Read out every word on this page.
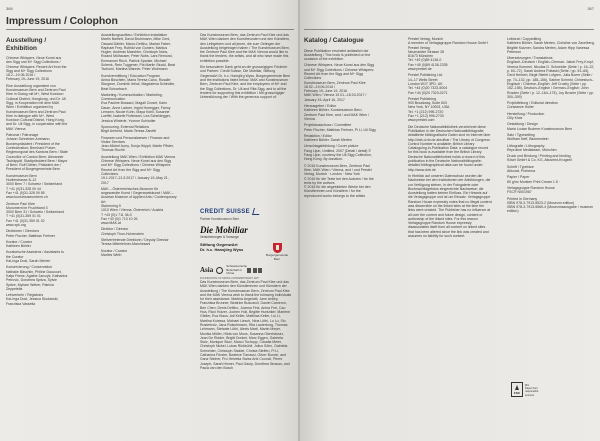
366
Impressum / Colophon
Ausstellung /
Exhibition

Chinese Whispers. Neue Kunst aus den Sigg und M+ Sigg Collections / Chinese Whispers: Recent Art from the Sigg and M+ Sigg Collections
18.2.–19.06.2016 /
February 19–June 19, 2016

Eine Ausstellung organisiert von Kunstmuseum Bern und Zentrum Paul Klee in Dialog mit M+, West Kowloon Cultural District, Hongkong, und Dr. Uli Sigg, in Kooperation mit dem MAK Wien / Exhibition organized by Kunstmuseum Bern and Zentrum Paul Klee in dialogue with M+, West Kowloon Cultural District, Hong Kong, and Dr. Uli Sigg, in cooperation with the MAK Vienna

Patronat / Patronage
Johann Schneider-Ammann, Bundespräsident / President of the Confederation; Bernhard Pulver, Regierungsrat des Kantons Bern / State Councillor of Canton Bern; Alexander Tschäppät, Stadtpräsident Bern / Mayor of Bern; Rolf Dähler, Präsident der / President of Burgergemeinde Bern

Kunstmuseum Bern
Hodlerstrasse 8–12
3000 Bern 7 / Schweiz / Switzerland
T +41 (0)31-328 09 44
Fax +41 (0)31-328 09 55
www.kunstmuseumbern.ch

Zentrum Paul Klee
Monument im Fruchtland 3
3000 Bern 31 / Schweiz / Switzerland
T +41 (0)31-359 01 01
Fax +41 (0)31-359 01 02
www.zpk.org

Direktoren / Directors
Peter Fischer, Matthias Frehner

Kurator / Curator
Kathleen Bühler

Kuratorische Assistenz / Assistants to the Curator
Kai-Inga Dost, Sarah Merten

Konservierung / Conservation
Nathalie Bäschlin, Philine Daucourt, Katja Friese, Agathe Jarczyk, Katharina Petrovic, Dorothea Spitza, Sylvie Spitze, Myriam Weber, Patricia Zeppetella

Leihverkehr / Registrars
Kai-Inga Dost, Jessica Skolowski, Franziska Vassella

Ausstellungsaufbau / Exhibition installation
Martin Bartlett, David Bruhlmann, Mike Cent, Oswald Dähler, Marco Delfino, Marian Faber, Raphael Frey, Ruthild von Gunten, Markus Hugler, Andreas Maechler, Christoph Nobs, Roland Mülhauser, Peter Nobs, Lars Remund, Emmanuel Rüch, Patrick Spanke, Michael Schenk, Reto Tuggener, Pia Martin Stucki, Beat Tschumi, Martina Wanner, Peter Wobmann

Kunstvermittlung / Education Program
Anina Büschlen, Maria Teresa Cano, Rosalie Sturgeon, Dominik Imhof, Magdalena Schindler, Beat Schuebach

Marketing / Kommunikation / Marketing, Communication
Eva Pauline Bossard, Magali Croset, Karin Daum, Anne Ladner, Ingrid Honegger, Fanny Lemann, Nicole Kuhn, Maya Kohli, Susanne Loeffel, Isabelle Rottmann, Lea Scheidegger, Jessica Winterle, Yvonne Schindler

Sponsoring, External Relations
Birgit Amherd, Marie-Teresa Zanetti

Finanzen und Personalwesen / Finance and Visitor Services
Jean-Michel Aurry, Sonja Hüppli, Martin Pfister, Thomas Ruchti

Ausstellung MAK Wien / Exhibition MAK Vienna
Chinese Whispers. Neue Kunst aus den Sigg und M+ Sigg Collections / Chinese Whispers: Recent Art from the Sigg and M+ Sigg Collections
19.1.2017–21.5.2017 / January 19–May 21, 2017

MAK – Österreichisches Museum für angewandte Kunst / Gegenwartskunst / MAK – Austrian Museum of Applied Arts / Contemporary Art
Stubenring 5
1010 Wien / Vienna, Österreich / Austria
T +43 (0)1 711 36-0
Fax +43 (0)1 713 10 26
www.MAK.at

Direktor / Director
Christoph Thun-Hohenstein

Stellvertretende Direktorin / Deputy Director
Teresa Mitterlehner-Marchesani

Kurator / Curator
Marlies Wirth

Das Kunstmuseum Bern, das Zentrum Paul Klee und das MAK Wien danken den Kunstfreunden und den Künstlern, den Leihgebern und all jenen, die zum Gelingen der Ausstellung beigetragen haben / The Kunstmuseum Bern, the Zentrum Paul Klee and the MAK Vienna would like to thank the lenders, the artists, and all who have made this exhibition possible.

Ein besonderer Dank geht an die grosszügigen Förderer und Partner: Credit Suisse, Die Mobiliar, Stiftung GegenwArt Dr. h.c. Hansjörg Wyss, Burgergemeinde Bern and the institutions listed below. MAK and Kunstmuseum Bern, Zentrum Paul Klee, and the employees of M+ and the Sigg Collections, Dr. Uli and Rita Sigg, and to all the lenders for supporting this exhibition / Mit grosszügiger Unterstützung der / With the generous support of:

CREDIT SUISSE
Partner Kunstmuseum Bern
Die Mobiliar
Versicherungen & Vorsorge
Stiftung GegenwArt
Dr. h.c. Hansjörg Wyss
Burgergemeinde
Bern
Asia
Schweizerische Botschaft in China
FOUNDATION OF SWISS CONTEMPORARY ART

Das Kunstmuseum Bern, das Zentrum Paul Klee und das MAK Wien danken den Künstlerinnen und Künstlern der Ausstellung / The Kunstmuseum Bern, Zentrum Paul Klee and the MAK Vienna wish to thank the following individuals for their assistance: Martina Angelotti, Jane Ardley, Franziska Brunner, Beatrice Buscaroli, Daniel Cameron, Ben Chen, Denis Delfino, Joanna Fink, Anina Frei, Cao Hoa, Ricci Holzer, Jochen Holl, Brigitte Huntziker, Marlene Gfeller, Eva Klaus, Adi Keller, Matthias Keller, Liu Li, Martina Kulessa, Michael Liesch, Nina Lüthi, Lu Lu, Siu Rusterholz, Jana Rutschmann, Rita Lauterburg, Thomas Lehmann, Stefanie Lüthi, Alexis Marti, Martin Meyer, Monika Möller, Hilda von Moos, Susanna Oberhäuser, Jean De Ridder, Brigitt Donkel, Marc Eggen, Gabriela Stolz, Monique Stulz, Marco Tschopp, Claudia Meier, Christoph Nickel, Lukas Rüdisühli, Julius Söhn, Gabriela Schneider, Christoph Stalder, Christa Steffen, Pi Li, Catharina Förster, Beatrice Tomassi, Oliver Bonvin, and Ganz Steiner, Pro Helvetia Swiss Arts Council, Pierre Joseph, Sarah Hinner, Paul Gauty, Dorothea Strauss, and Paula van den Bosch

367
Katalog / Catalogue

Diese Publikation erscheint anlässlich der Ausstellung / This book is published on the occasion of the exhibition

Chinese Whispers. Neue Kunst aus den Sigg und M+ Sigg Collections / Chinese Whispers: Recent Art from the Sigg and M+ Sigg Collections
Kunstmuseum Bern, Zentrum Paul Klee
18.02.–19.06.2016 /
February 19–June 19, 2016
MAK Wien / Vienna 19.01.–16.04.2017 /
January 19–April 16, 2017

Herausgeber / Editor
Kathleen Bühler, Kunstmuseum Bern, Zentrum Paul Klee, and / und MAK Wien / Vienna

Projektausschuss / Committee
Peter Fischer, Matthias Frehner, Pi Li, Uli Sigg

Redaktion / Editor
Kathleen Bühler, Sarah Merten

Umschlagabbildung / Cover picture
Fang Lijun, Untitled, 2007 (Detail / detail) © Fang Lijun, courtesy the Uli Sigg Collection, Hong Kong. By donation.

© 2016 Kunstmuseum Bern, Zentrum Paul Klee, MAK Wien / Vienna, and / und Prestel Verlag, Munich · London · New York
© 2016 für die Texte bei den Autoren / for the texts by the authors
© 2016 für die abgebildeten Werke bei den Künstlerinnen und Künstlern / for the reproduced works belongs to the artists

Prestel Verlag, Munich
A member of Verlagsgruppe Random House GmbH
Prestel Verlag
Neumarkter Strasse 28
81673 München
Tel. +49 (0)89 4136-0
Fax +49 (0)89 4136-2335
www.prestel.de

Prestel Publishing Ltd.
14–17 Wells Street
London W1T 3PD, UK
Tel. +44 (0)20 7323-5004
Fax +44 (0)20 7323-0271

Prestel Publishing
900 Broadway, Suite 603
New York, NY 10003, USA
Tel. +1 (212) 995-2720
Fax +1 (212) 995-2733
www.prestel.com

Die Deutsche Nationalbibliothek verzeichnet diese Publikation in der Deutschen Nationalbibliografie; detaillierte bibliografische Daten sind im Internet über http://dnb.d-nb.de abrufbar / The Library of Congress Control Number is available; British Library Cataloguing-in-Publication Data: a catalogue record for this book is available from the British Library. Deutsche Nationalbibliothek holds a record of this publication in the Deutsche Nationalbibliografie; detailed bibliographical data can be found under: http://www.dnb.de

In Hinblick auf unseren Datenschutz wurden die Nachweise bei den Institutionen der Abbildungen, die zur Verfügung stehen, in der Fotogalerie oder Buchnachfolgefotos eingereichte Nachweise; die Ausstellung hatten keinen Einfluss. Ein Hinweis auf die Verlagsgruppe und ist um Einsatz. Verlagsgruppe Random House expressly notes that no illegal content was discernible on the linked sites at the time the links were created. The Publisher has no influence at all over the current and future design, content or authorship of the linked sites. For this reason Verlagsgruppe Random House expressly disassociates itself from all content on linked sites that has been altered since the link was created and assumes no liability for such content.

Lektorat / Copyediting
Kathleen Bühler, Sarah Merten, Christine von Zavelberg, Brigitte Kutzner, Sandra Merten, Adam Hipp Vanessa Peterson

Übersetzungen / Translations
Englisch–Deutsch / English–German: Jakob Frey-Kropf, Verena Kummel, Nicolas G. Schneider (Seite / p. 16–22, p. 60–72), Sarah Andrea Pottaski (Seite / pp. 53–65), Gerd Herbert, Birgit Stiefel Lofgren, Julia Boeer (Seite / pp. 74–132, pp. 188–156), Sabine Schmid, Chinesisch–Englisch / Chinese–English: Jeff Crosby (Seite / pp. 152–155), Deutsch–English / German–English: John Rosden (Seite / p. 12–164–175), Joy Brosier (Seite / pp. 300–309)

Projektleitung / Editorial direction
Constanze Holler

Herstellung / Production
Cilly Klotz

Gestaltung / Design
Maria Louise Buderer Kunstmuseum Bern

Satz / Typesetting
Wolfram Neff, Blumenstein

Lithografie / Lithography
Reproline Mediateam, München

Druck und Bindung / Printing and binding
Kösel GmbH & Co. KG, Altusried-Krugzell

Schrift / Typeface
Akkurat, Proforma

Papier / Paper
80 g/m² Munken Print Cream 1.5 ·

Verlagsgruppe Random House
FSC® N001967

Printed in Germany
ISBN 978-3-7913-5523-2 (Museum edition)
ISBN 978-3-7913-5565-4 (Museumsausgabe / museum edition)

FSC
Mix
Paper from responsible sources
